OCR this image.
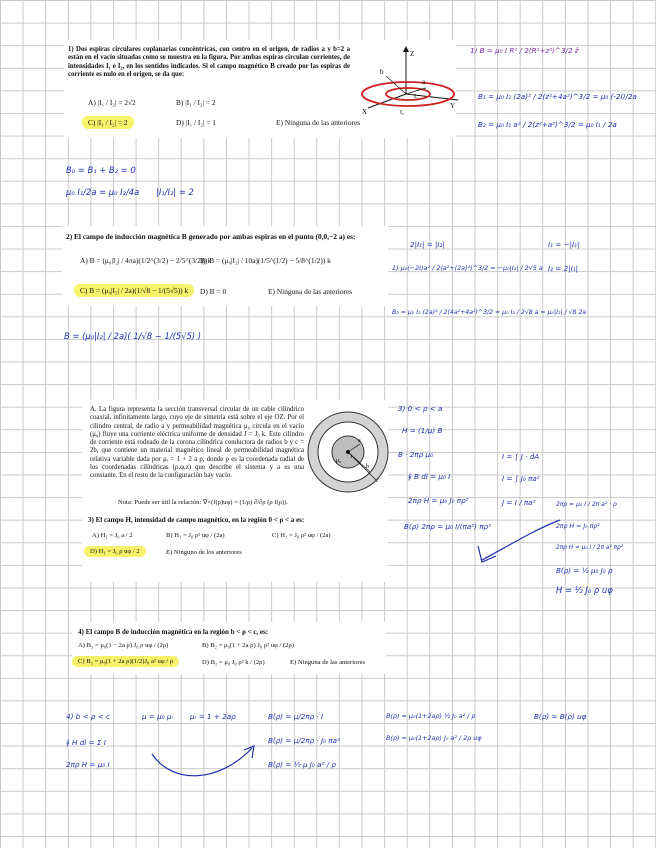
1) Dos espiras circulares coplanarias concéntricas, con centro en el origen, de radios a y b=2 a están en el vacío situadas como se muestra en la figura. Por ambas espiras circulan corrientes, de intensidades I₁ e I₂, en los sentidos indicados. Si el campo magnético B creado por las espiras de corriente es nulo en el origen, se da que:
Z
Y
X
b
a
I₁
I₂
A) |I₁ / I₂| = 2√2	B) |I₁ / I₂| = 2
C) |I₁ / I₂| = 2	D) |I₁ / I₂| = 1	E) Ninguna de las anteriores
1) B = μ₀ I R² / 2(R²+z²)^3/2 ẑ
B₁ = μ₀ I₁ (2a)² / 2(z²+4a²)^3/2 = μ₀ (-2I)/2a
B₂ = μ₀ I₁ a² / 2(z²+a²)^3/2 = μ₀ I₁ / 2a
B₀ = B₁ + B₂ = 0
μ₀ I₁/2a = μ₀ I₂/4a |I₁/I₂| = 2
2) El campo de inducción magnética B generado por ambas espiras en el punto (0,0,−2 a) es:
A) B = (μ₀|I₂| / 4πa)(1/2^(3/2) − 2/5^(3/2)) k
B) B = (μ₀|I₂| / 10a)(1/5^(1/2) − 5/8^(1/2)) k
C) B = (μ₀|I₂| / 2a)(1/√8 − 1/(5√5)) k	D) B = 0	E) Ninguna de las anteriores
B = (μ₀|I₂| / 2a)( 1/√8 − 1/(5√5) )
2|I₁| = |I₂|	I₁ = −|I₁|
1) μ₀(−2I)a² / 2(a²+(2a)²)^3/2 = −μ₀|I₂| / 2√5 a I₂ = 2|I₁|
B₂ = μ₀ I₂ (2a)² / 2(4a²+4a²)^3/2 = μ₀ I₂ / 2√8 a = μ₀|I₂| / √8 2a
A. La figura representa la sección transversal circular de un cable cilíndrico coaxial, infinitamente largo, cuyo eje de simetría está sobre el eje OZ. Por el cilindro central, de radio a y permeabilidad magnética μ₀ circula en el vacío (μ₀) fluye una corriente eléctrica uniforme de densidad J = J₀ k. Este cilindro de corriente está rodeado de la corona cilíndrica conductora de radios b y c = 2b, que contiene un material magnético lineal de permeabilidad magnética relativa variable dada por μᵣ = 1 + 2 a ρ, donde ρ es la coordenada radial de los coordenadas cilíndricas (ρ,φ,z) que describe el sistema y a es una constante. En el resto de la configuración hay vacío.
a
b
c
μ₀
J
Nota: Puede ser útil la relación: ∇×(f(ρ)uφ) = (1/ρ) ∂/∂ρ (ρ f(ρ)).
3) El campo H, intensidad de campo magnético, en la región 0 < ρ < a es:
A) H₁ = J₀ a / 2	B) H₁ = J₀ ρ² uφ / (2a)	C) H₁ = J₀ ρ² uφ / (2a)
D) H₁ = J₀ ρ uφ / 2	E) Ninguno de los anteriores
3) 0 < ρ < a
H = (1/μ) B
B · 2πρ μ₀
∮ B dl = μ₀ I
I = ∫ J · dA
I = ∫ J₀ πa²
2πρ H = μ₀ J₀ πρ²	J = I / πa²
B(ρ) 2πρ = μ₀ I/(πa²) πρ²	2πρ H = J₀ πρ²
2πρ = μ₀ I / 2π a² · ρ
2πρ H = μ₀ I / 2π a² πρ²
B(ρ) = ½ μ₀ J₀ ρ
H = ½ J₀ ρ uφ
4) El campo B de inducción magnética en la región b < ρ < c, es:
A) B₂ = μ₀(1 − 2a ρ) J₀ ρ uφ / (2ρ)	B) B₂ = μ₀(1 + 2a ρ) J₀ ρ² uφ / (2ρ)
C) B₂ = μ₀(1 + 2a ρ)(1/2)J₀ a² uφ / ρ	D) B₂ = μ₀ J₀ ρ² k / (2ρ)	E) Ninguna de las anteriores
4) b < ρ < c	μ = μ₀ μᵣ μᵣ = 1 + 2aρ
∮ H dl = Σ I
2πρ H = μ₀ I
B(ρ) = μ/2πρ · I
B(ρ) = μ/2πρ · J₀ πa²
B(ρ) = ½ μ J₀ a² / ρ
B(ρ) = μ₀(1+2aρ) ½ J₀ a² / ρ
B(ρ) = μ₀(1+2aρ) J₀ a² / 2ρ uφ
B(ρ) = B(ρ) uφ
